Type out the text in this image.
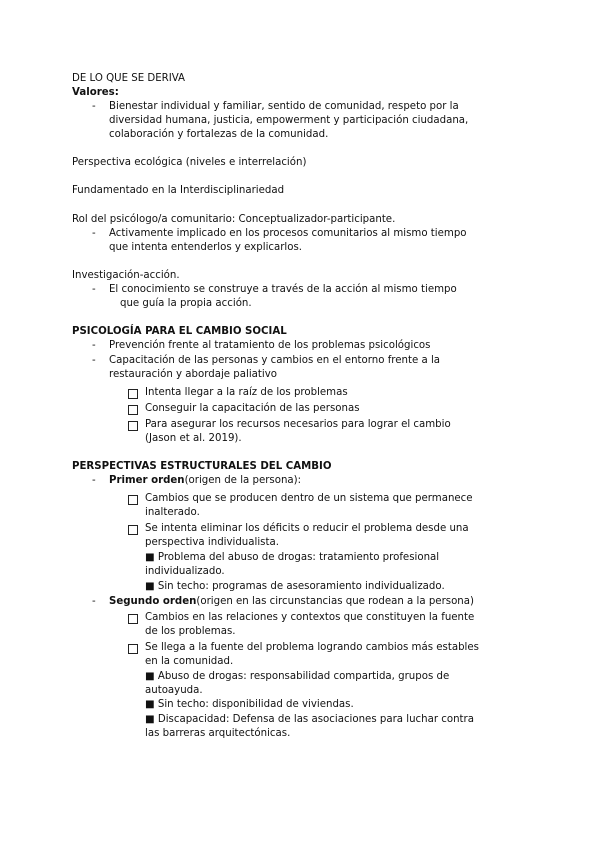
DE LO QUE SE DERIVA
Valores:
- Bienestar individual y familiar, sentido de comunidad, respeto por la
diversidad humana, justicia, empowerment y participación ciudadana,
colaboración y fortalezas de la comunidad.
Perspectiva ecológica (niveles e interrelación)
Fundamentado en la Interdisciplinariedad
Rol del psicólogo/a comunitario: Conceptualizador-participante.
- Activamente implicado en los procesos comunitarios al mismo tiempo
que intenta entenderlos y explicarlos.
Investigación-acción.
- El conocimiento se construye a través de la acción al mismo tiempo
que guía la propia acción.
PSICOLOGÍA PARA EL CAMBIO SOCIAL
- Prevención frente al tratamiento de los problemas psicológicos
- Capacitación de las personas y cambios en el entorno frente a la
restauración y abordaje paliativo
Intenta llegar a la raíz de los problemas
Conseguir la capacitación de las personas
Para asegurar los recursos necesarios para lograr el cambio
(Jason et al. 2019).
PERSPECTIVAS ESTRUCTURALES DEL CAMBIO
- Primer orden(origen de la persona):
Cambios que se producen dentro de un sistema que permanece
inalterado.
Se intenta eliminar los déficits o reducir el problema desde una
perspectiva individualista.
■ Problema del abuso de drogas: tratamiento profesional
individualizado.
■ Sin techo: programas de asesoramiento individualizado.
- Segundo orden(origen en las circunstancias que rodean a la persona)
Cambios en las relaciones y contextos que constituyen la fuente
de los problemas.
Se llega a la fuente del problema logrando cambios más estables
en la comunidad.
■ Abuso de drogas: responsabilidad compartida, grupos de
autoayuda.
■ Sin techo: disponibilidad de viviendas.
■ Discapacidad: Defensa de las asociaciones para luchar contra
las barreras arquitectónicas.
